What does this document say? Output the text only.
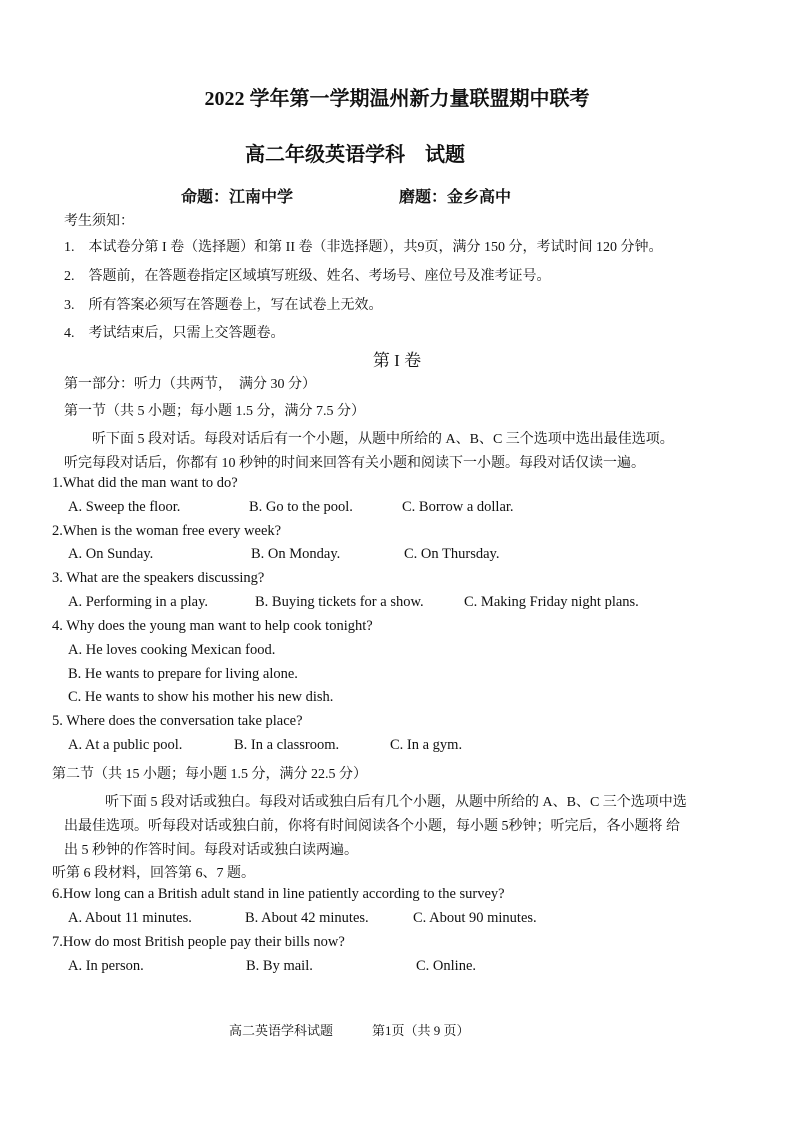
2022 学年第一学期温州新力量联盟期中联考
高二年级英语学科　试题
命题：江南中学	磨题：金乡高中
考生须知：
1.　本试卷分第 I 卷（选择题）和第 II 卷（非选择题），共9页，满分 150 分，考试时间 120 分钟。
2.　答题前，在答题卷指定区域填写班级、姓名、考场号、座位号及准考证号。
3.　所有答案必须写在答题卷上，写在试卷上无效。
4.　考试结束后，只需上交答题卷。
第 I 卷
第一部分：听力（共两节，　满分 30 分）
第一节（共 5 小题；每小题 1.5 分，满分 7.5 分）
听下面 5 段对话。每段对话后有一个小题，从题中所给的 A、B、C 三个选项中选出最佳选项。
听完每段对话后，你都有 10 秒钟的时间来回答有关小题和阅读下一小题。每段对话仅读一遍。
1.What did the man want to do?
A. Sweep the floor.	B. Go to the pool.	C. Borrow a dollar.
2.When is the woman free every week?
A. On Sunday.	B. On Monday.	C. On Thursday.
3. What are the speakers discussing?
A. Performing in a play.	B. Buying tickets for a show.	C. Making Friday night plans.
4. Why does the young man want to help cook tonight?
A. He loves cooking Mexican food.
B. He wants to prepare for living alone.
C. He wants to show his mother his new dish.
5. Where does the conversation take place?
A. At a public pool.	B. In a classroom.	C. In a gym.
第二节（共 15 小题；每小题 1.5 分，满分 22.5 分）
听下面 5 段对话或独白。每段对话或独白后有几个小题，从题中所给的 A、B、C 三个选项中选
出最佳选项。听每段对话或独白前，你将有时间阅读各个小题，每小题 5秒钟；听完后，各小题将 给
出 5 秒钟的作答时间。每段对话或独白读两遍。
听第 6 段材料，回答第 6、7 题。
6.How long can a British adult stand in line patiently according to the survey?
A. About 11 minutes.	B. About 42 minutes.	C. About 90 minutes.
7.How do most British people pay their bills now?
A. In person.	B. By mail.	C. Online.
高二英语学科试题	第1页（共 9 页）
